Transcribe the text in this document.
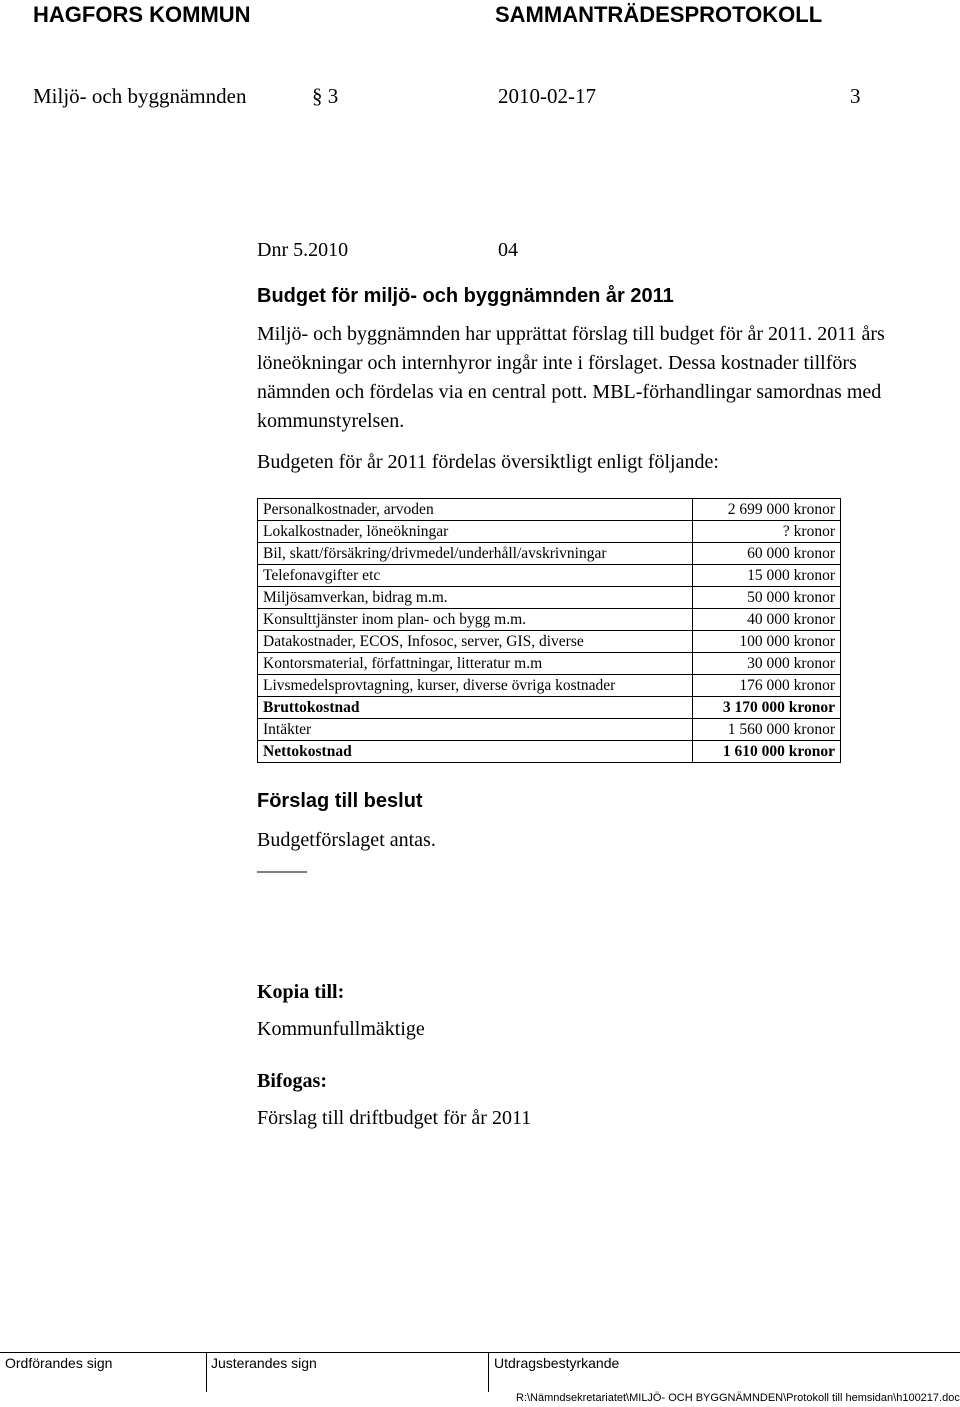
HAGFORS KOMMUN	SAMMANTRÄDESPROTOKOLL
Miljö- och byggnämnden	§ 3	2010-02-17	3
Dnr 5.2010	04
Budget för miljö- och byggnämnden år 2011
Miljö- och byggnämnden har upprättat förslag till budget för år 2011. 2011 års
löneökningar och internhyror ingår inte i förslaget. Dessa kostnader tillförs
nämnden och fördelas via en central pott. MBL-förhandlingar samordnas med
kommunstyrelsen.
Budgeten för år 2011 fördelas översiktligt enligt följande:
Personalkostnader, arvoden	2 699 000 kronor
Lokalkostnader, löneökningar	? kronor
Bil, skatt/försäkring/drivmedel/underhåll/avskrivningar	60 000 kronor
Telefonavgifter etc	15 000 kronor
Miljösamverkan, bidrag m.m.	50 000 kronor
Konsulttjänster inom plan- och bygg m.m.	40 000 kronor
Datakostnader, ECOS, Infosoc, server, GIS, diverse	100 000 kronor
Kontorsmaterial, författningar, litteratur m.m	30 000 kronor
Livsmedelsprovtagning, kurser, diverse övriga kostnader	176 000 kronor
Bruttokostnad	3 170 000 kronor
Intäkter	1 560 000 kronor
Nettokostnad	1 610 000 kronor
Förslag till beslut
Budgetförslaget antas.
_____
Kopia till:
Kommunfullmäktige
Bifogas:
Förslag till driftbudget för år 2011
Ordförandes sign	Justerandes sign	Utdragsbestyrkande
R:\Nämndsekretariatet\MILJÖ- OCH BYGGNÄMNDEN\Protokoll till hemsidan\h100217.doc
